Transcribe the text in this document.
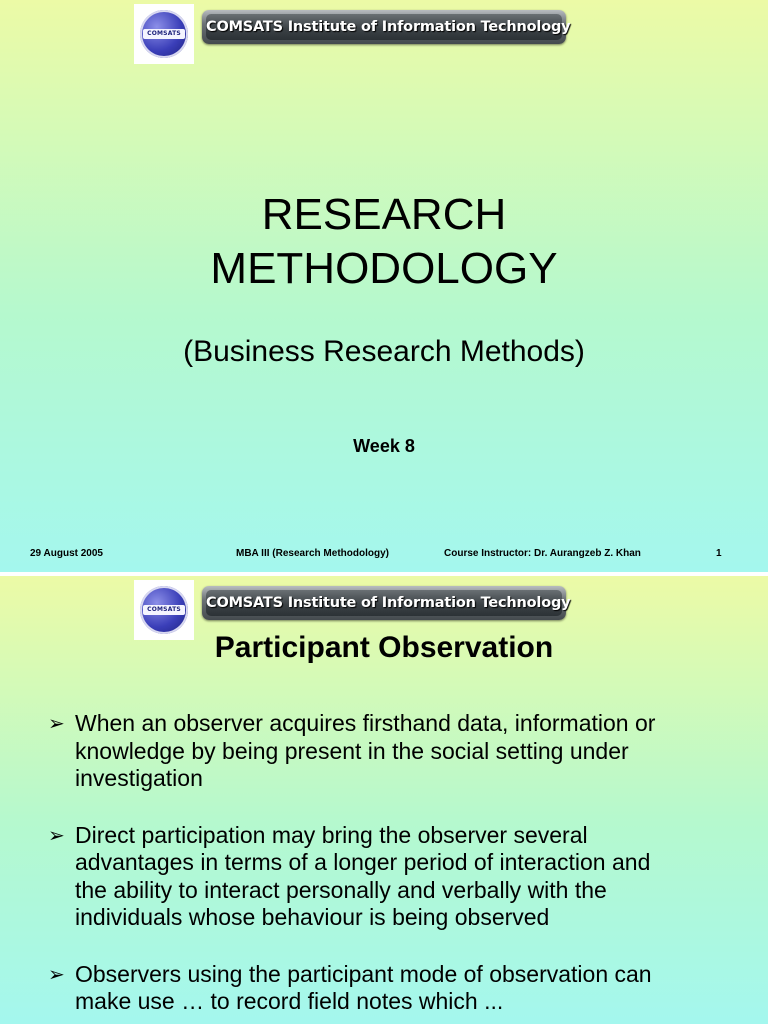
COMSATS COMSATS Institute of Information Technology
RESEARCH
METHODOLOGY
(Business Research Methods)
Week 8
29 August 2005	MBA III (Research Methodology)	Course Instructor: Dr. Aurangzeb Z. Khan	1
COMSATS COMSATS Institute of Information Technology
Participant Observation
➢ When an observer acquires firsthand data, information or
knowledge by being present in the social setting under
investigation
➢ Direct participation may bring the observer several
advantages in terms of a longer period of interaction and
the ability to interact personally and verbally with the
individuals whose behaviour is being observed
➢ Observers using the participant mode of observation can
make use … to record field notes which ...
